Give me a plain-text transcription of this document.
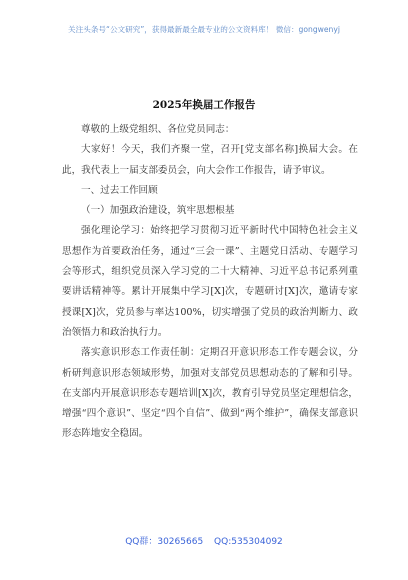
关注头条号“公文研究”，获得最新最全最专业的公文资料库！ 微信：gongwenyj
2025年换届工作报告

尊敬的上级党组织、各位党员同志：

大家好！今天，我们齐聚一堂，召开[党支部名称]换届大会。在此，我代表上一届支部委员会，向大会作工作报告，请予审议。

一、过去工作回顾

（一）加强政治建设，筑牢思想根基

强化理论学习：始终把学习贯彻习近平新时代中国特色社会主义思想作为首要政治任务，通过“三会一课”、主题党日活动、专题学习会等形式，组织党员深入学习党的二十大精神、习近平总书记系列重要讲话精神等。累计开展集中学习[X]次，专题研讨[X]次，邀请专家授课[X]次，党员参与率达100%，切实增强了党员的政治判断力、政治领悟力和政治执行力。

落实意识形态工作责任制：定期召开意识形态工作专题会议，分析研判意识形态领域形势，加强对支部党员思想动态的了解和引导。在支部内开展意识形态专题培训[X]次，教育引导党员坚定理想信念，增强“四个意识”、坚定“四个自信”、做到“两个维护”，确保支部意识形态阵地安全稳固。

QQ群：30265665 QQ:535304092
